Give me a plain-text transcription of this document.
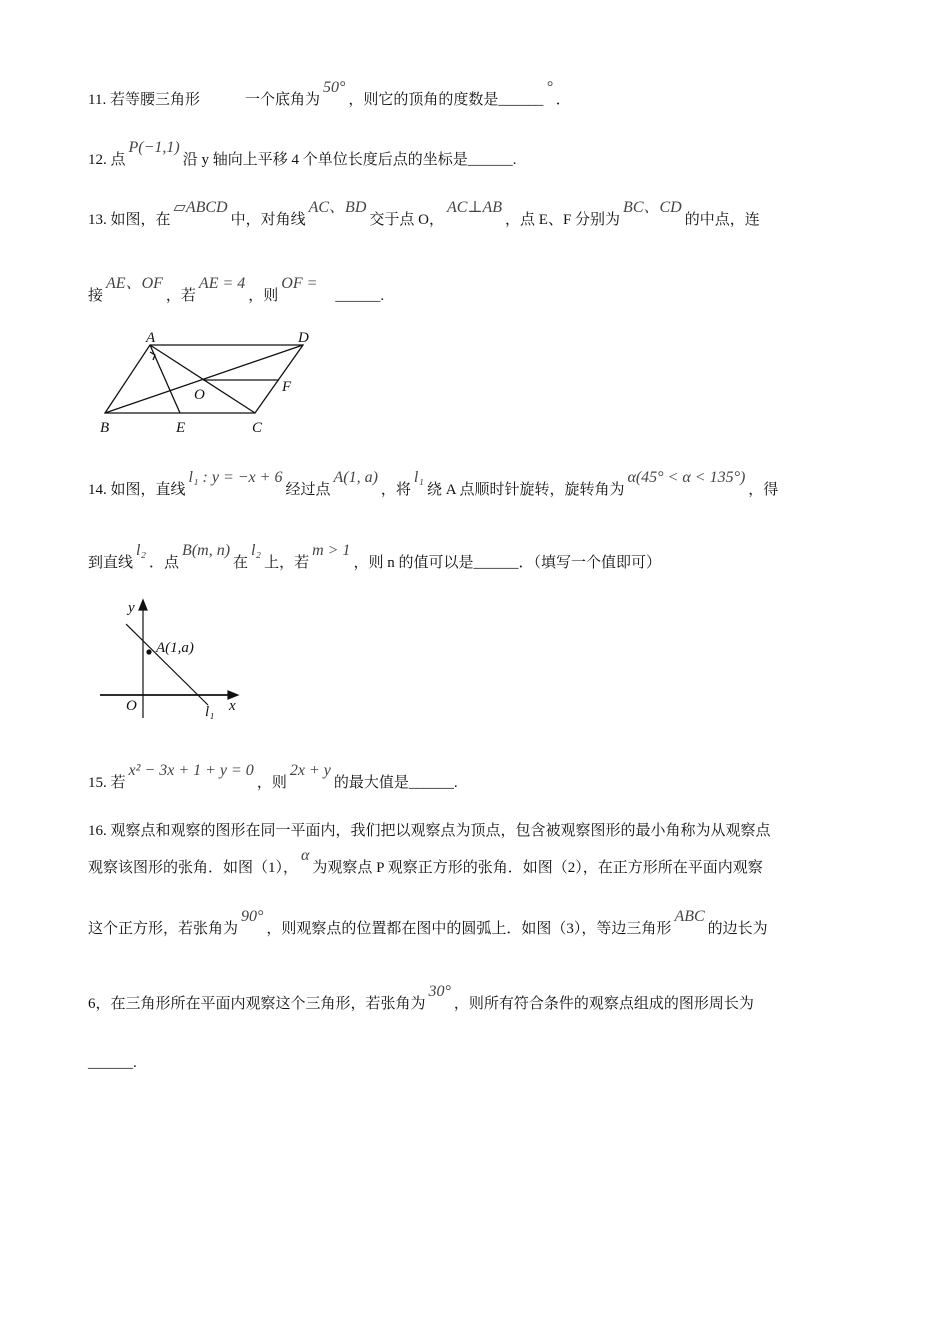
11. 若等腰三角形　　　一个底角为50°，则它的顶角的度数是______°．
12. 点P(−1,1)沿 y 轴向上平移 4 个单位长度后点的坐标是______.
13. 如图，在▱ABCD中，对角线AC、BD交于点 O，AC⊥AB，点 E、F 分别为BC、CD的中点，连
接AE、OF，若AE = 4，则OF =　______.
14. 如图，直线l₁ : y = −x + 6经过点A(1, a)，将l₁绕 A 点顺时针旋转，旋转角为α(45° < α < 135°)，得
到直线l₂．点B(m, n)在l₂上，若m > 1，则 n 的值可以是______．（填写一个值即可）
15. 若x² − 3x + 1 + y = 0，则2x + y的最大值是______.
16. 观察点和观察的图形在同一平面内，我们把以观察点为顶点，包含被观察图形的最小角称为从观察点
观察该图形的张角．如图（1），α为观察点 P 观察正方形的张角．如图（2），在正方形所在平面内观察
这个正方形，若张角为90°，则观察点的位置都在图中的圆弧上．如图（3），等边三角形ABC的边长为
6，在三角形所在平面内观察这个三角形，若张角为30°，则所有符合条件的观察点组成的图形周长为
______.
A	D
O	F
B	E	C
y
A(1,a)
O	x
l₁
